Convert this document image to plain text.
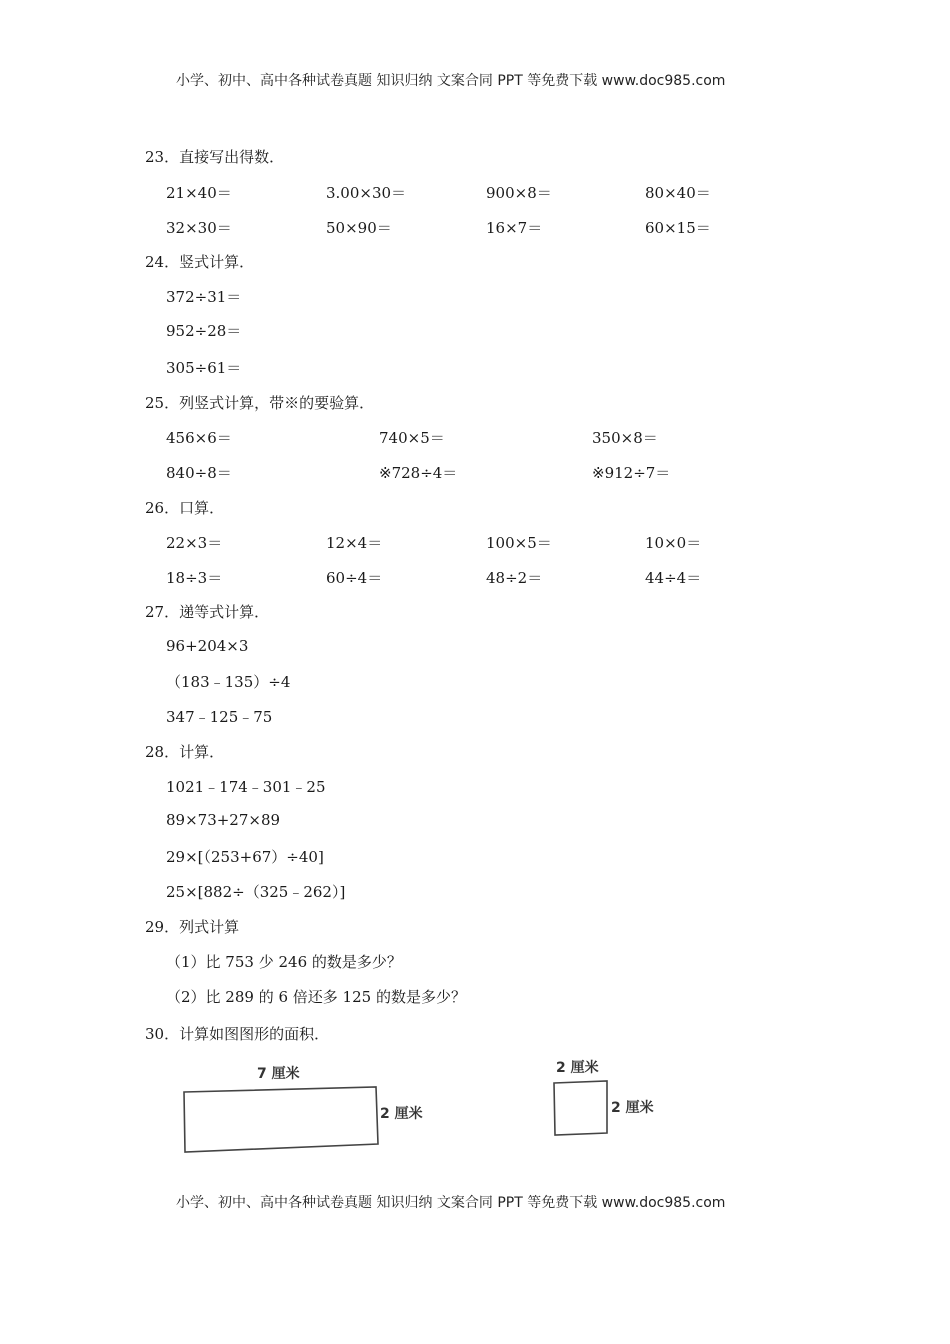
小学、初中、高中各种试卷真题 知识归纳 文案合同 PPT 等免费下载 www.doc985.com
23．直接写出得数．
21×40＝	3.00×30＝	900×8＝	80×40＝
32×30＝	50×90＝	16×7＝	60×15＝
24．竖式计算．
372÷31＝
952÷28＝
305÷61＝
25．列竖式计算，带※的要验算．
456×6＝	740×5＝	350×8＝
840÷8＝	※728÷4＝	※912÷7＝
26．口算．
22×3＝	12×4＝	100×5＝	10×0＝
18÷3＝	60÷4＝	48÷2＝	44÷4＝
27．递等式计算．
96+204×3
（183﹣135）÷4
347﹣125﹣75
28．计算．
1021﹣174﹣301﹣25
89×73+27×89
29×[（253+67）÷40]
25×[882÷（325﹣262）]
29．列式计算
（1）比 753 少 246 的数是多少？
（2）比 289 的 6 倍还多 125 的数是多少？
30．计算如图图形的面积．
7 厘米
2 厘米
2 厘米
2 厘米
小学、初中、高中各种试卷真题 知识归纳 文案合同 PPT 等免费下载 www.doc985.com
